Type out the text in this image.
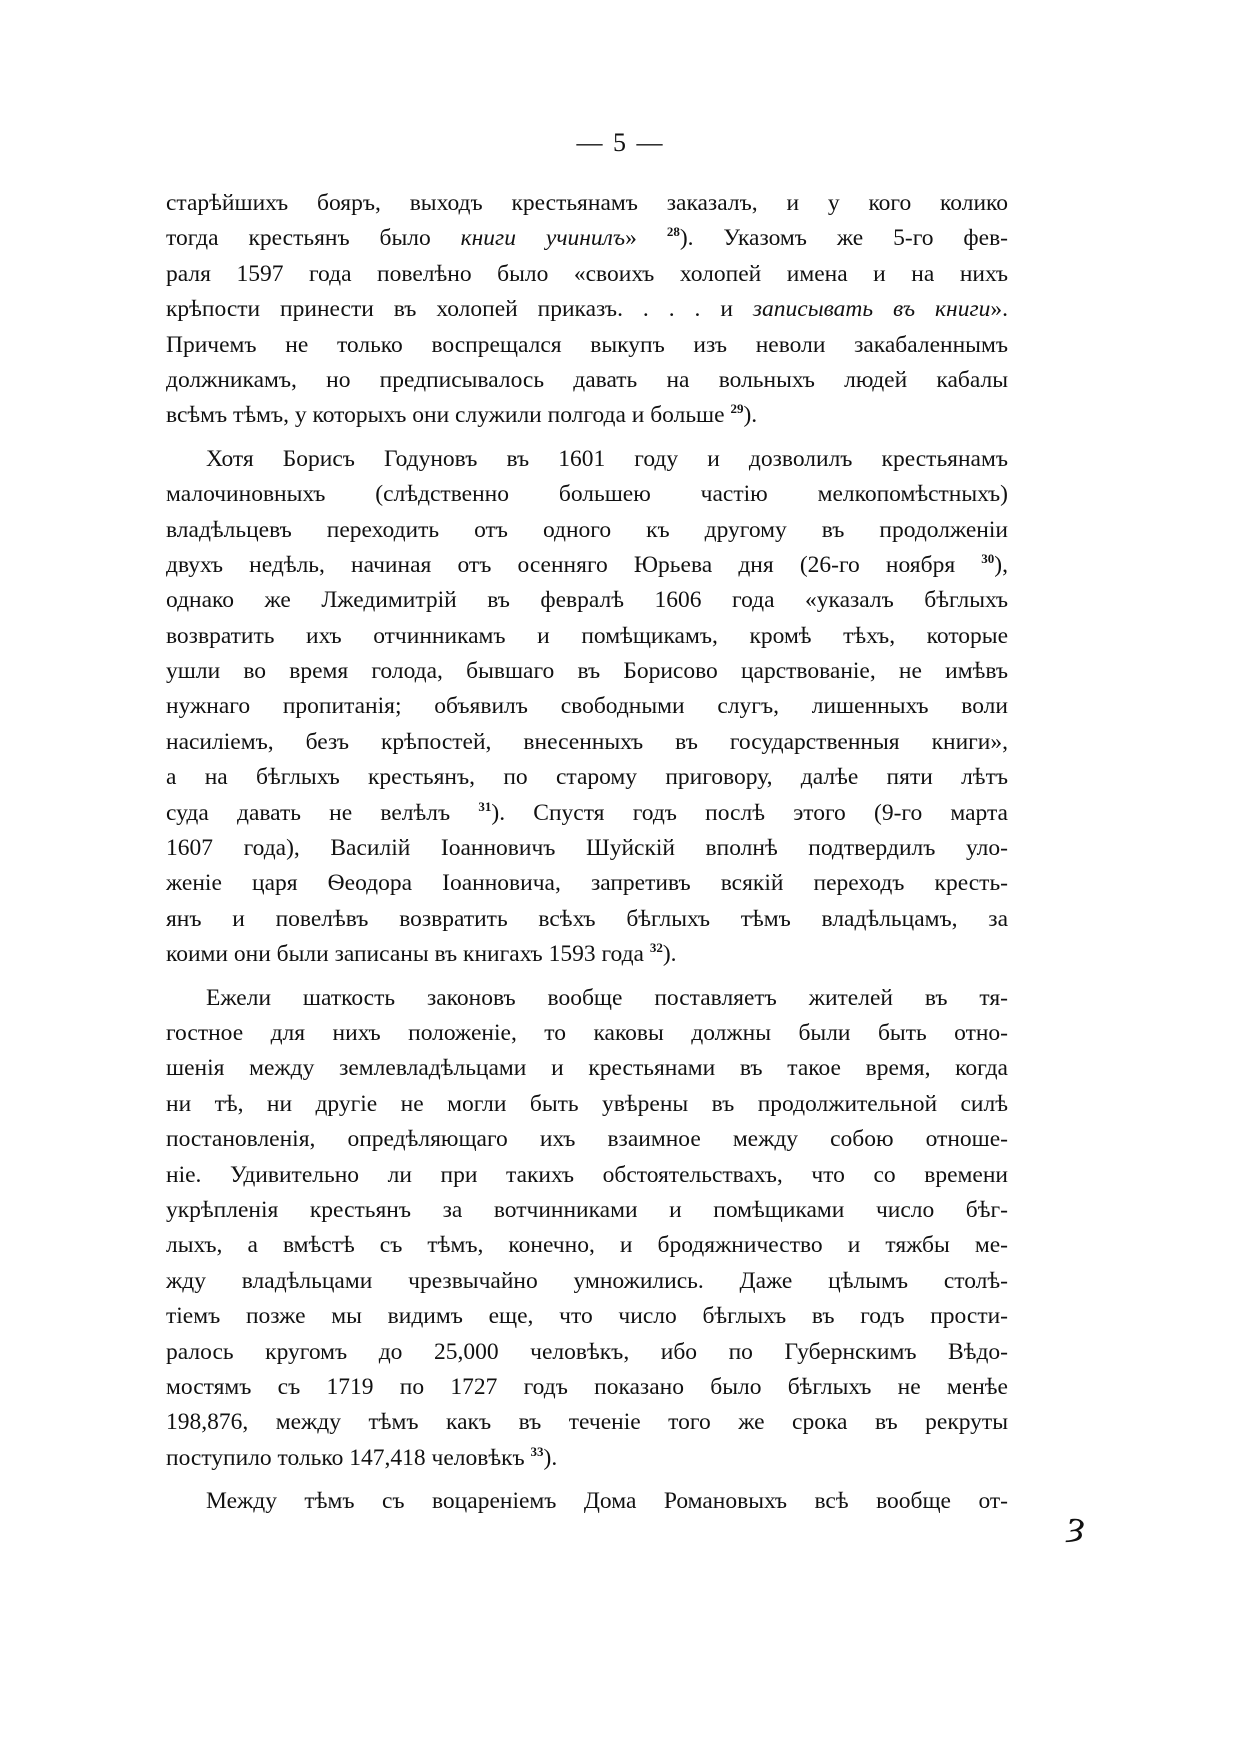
— 5 —
старѣйшихъ бояръ, выходъ крестьянамъ заказалъ, и у кого колико
тогда крестьянъ было книги учинилъ» $^{28}$). Указомъ же 5-го фев-
раля 1597 года повелѣно было «своихъ холопей имена и на нихъ
крѣпости принести въ холопей приказъ. . . . и записывать въ книги».
Причемъ не только воспрещался выкупъ изъ неволи закабаленнымъ
должникамъ, но предписывалось давать на вольныхъ людей кабалы
всѣмъ тѣмъ, у которыхъ они служили полгода и больше $^{29}$).
Хотя Борисъ Годуновъ въ 1601 году и дозволилъ крестьянамъ
малочиновныхъ (слѣдственно большею частію мелкопомѣстныхъ)
владѣльцевъ переходить отъ одного къ другому въ продолженіи
двухъ недѣль, начиная отъ осенняго Юрьева дня (26-го ноября $^{30}$),
однако же Лжедимитрій въ февралѣ 1606 года «указалъ бѣглыхъ
возвратить ихъ отчинникамъ и помѣщикамъ, кромѣ тѣхъ, которые
ушли во время голода, бывшаго въ Борисово царствованіе, не имѣвъ
нужнаго пропитанія; объявилъ свободными слугъ, лишенныхъ воли
насиліемъ, безъ крѣпостей, внесенныхъ въ государственныя книги»,
а на бѣглыхъ крестьянъ, по старому приговору, далѣе пяти лѣтъ
суда давать не велѣлъ $^{31}$). Спустя годъ послѣ этого (9-го марта
1607 года), Василій Іоанновичъ Шуйскій вполнѣ подтвердилъ уло-
женіе царя Ѳеодора Іоанновича, запретивъ всякій переходъ кресть-
янъ и повелѣвъ возвратить всѣхъ бѣглыхъ тѣмъ владѣльцамъ, за
коими они были записаны въ книгахъ 1593 года $^{32}$).
Ежели шаткость законовъ вообще поставляетъ жителей въ тя-
гостное для нихъ положеніе, то каковы должны были быть отно-
шенія между землевладѣльцами и крестьянами въ такое время, когда
ни тѣ, ни другіе не могли быть увѣрены въ продолжительной силѣ
постановленія, опредѣляющаго ихъ взаимное между собою отноше-
ніе. Удивительно ли при такихъ обстоятельствахъ, что со времени
укрѣпленія крестьянъ за вотчинниками и помѣщиками число бѣг-
лыхъ, а вмѣстѣ съ тѣмъ, конечно, и бродяжничество и тяжбы ме-
жду владѣльцами чрезвычайно умножились. Даже цѣлымъ столѣ-
тіемъ позже мы видимъ еще, что число бѣглыхъ въ годъ прости-
ралось кругомъ до 25,000 человѣкъ, ибо по Губернскимъ Вѣдо-
мостямъ съ 1719 по 1727 годъ показано было бѣглыхъ не менѣе
198,876, между тѣмъ какъ въ теченіе того же срока въ рекруты
поступило только 147,418 человѣкъ $^{33}$).
Между тѣмъ съ воцареніемъ Дома Романовыхъ всѣ вообще от-
ȝ
